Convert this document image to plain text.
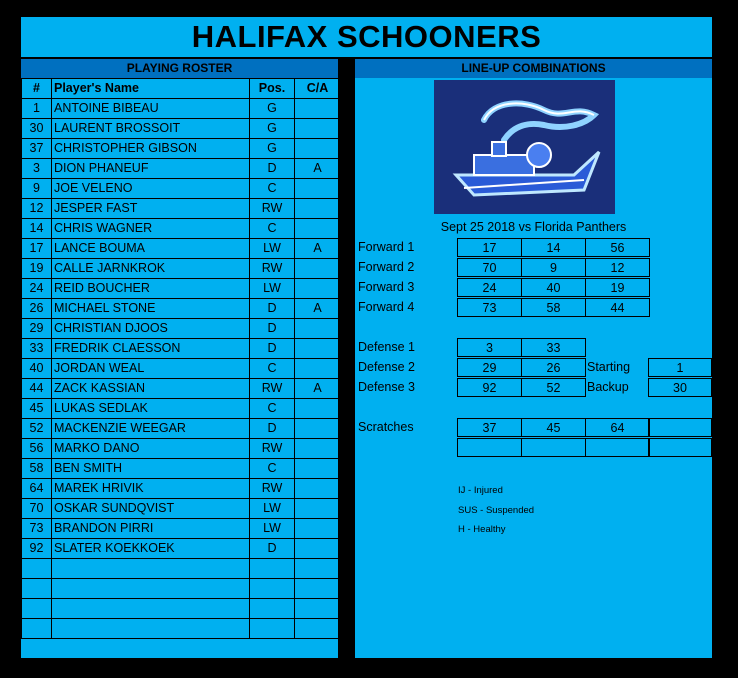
HALIFAX SCHOONERS
PLAYING ROSTER	LINE-UP COMBINATIONS
#	Player's Name	Pos.	C/A
1	ANTOINE BIBEAU	G	
30	LAURENT BROSSOIT	G	
37	CHRISTOPHER GIBSON	G	
3	DION PHANEUF	D	A
9	JOE VELENO	C	
12	JESPER FAST	RW	
14	CHRIS WAGNER	C	
17	LANCE BOUMA	LW	A
19	CALLE JARNKROK	RW	
24	REID BOUCHER	LW	
26	MICHAEL STONE	D	A
29	CHRISTIAN DJOOS	D	
33	FREDRIK CLAESSON	D	
40	JORDAN WEAL	C	
44	ZACK KASSIAN	RW	A
45	LUKAS SEDLAK	C	
52	MACKENZIE WEEGAR	D	
56	MARKO DANO	RW	
58	BEN SMITH	C	
64	MAREK HRIVIK	RW	
70	OSKAR SUNDQVIST	LW	
73	BRANDON PIRRI	LW	
92	SLATER KOEKKOEK	D	

Sept 25 2018 vs Florida Panthers
Forward 1	17	14	56
Forward 2	70	9	12
Forward 3	24	40	19
Forward 4	73	58	44
Defense 1	3	33
Defense 2	29	26
Defense 3	92	52
Scratches	37	45	64
Starting	1
Backup	30
IJ - Injured
SUS - Suspended
H - Healthy
